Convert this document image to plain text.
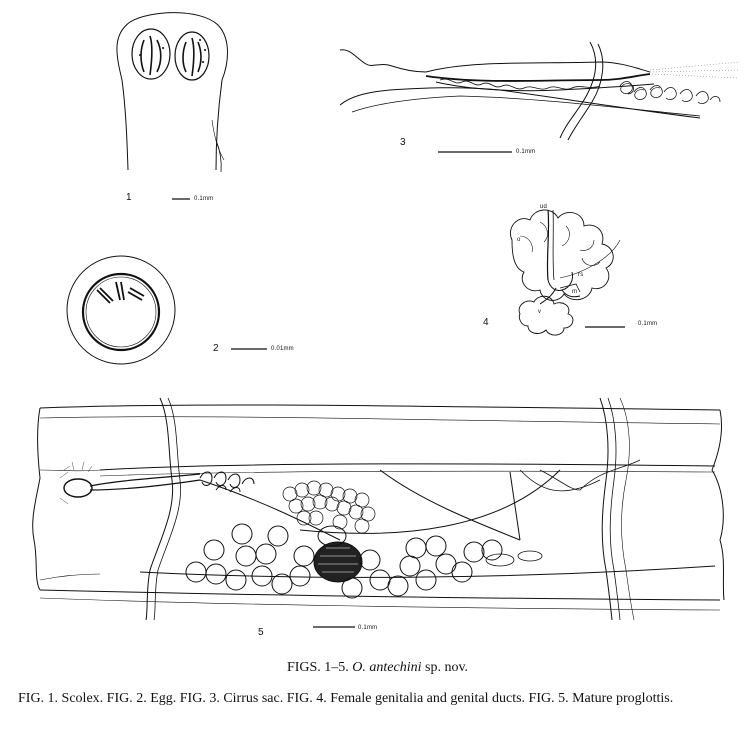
1	0.1mm
2	0.01mm
3
0.1mm
4	0.1mm
ud
o
rs
m
v
5	0.1mm
FIGS. 1–5. O. antechini sp. nov.
FIG. 1. Scolex. FIG. 2. Egg. FIG. 3. Cirrus sac. FIG. 4. Female genitalia and genital ducts. FIG. 5. Mature proglottis.
